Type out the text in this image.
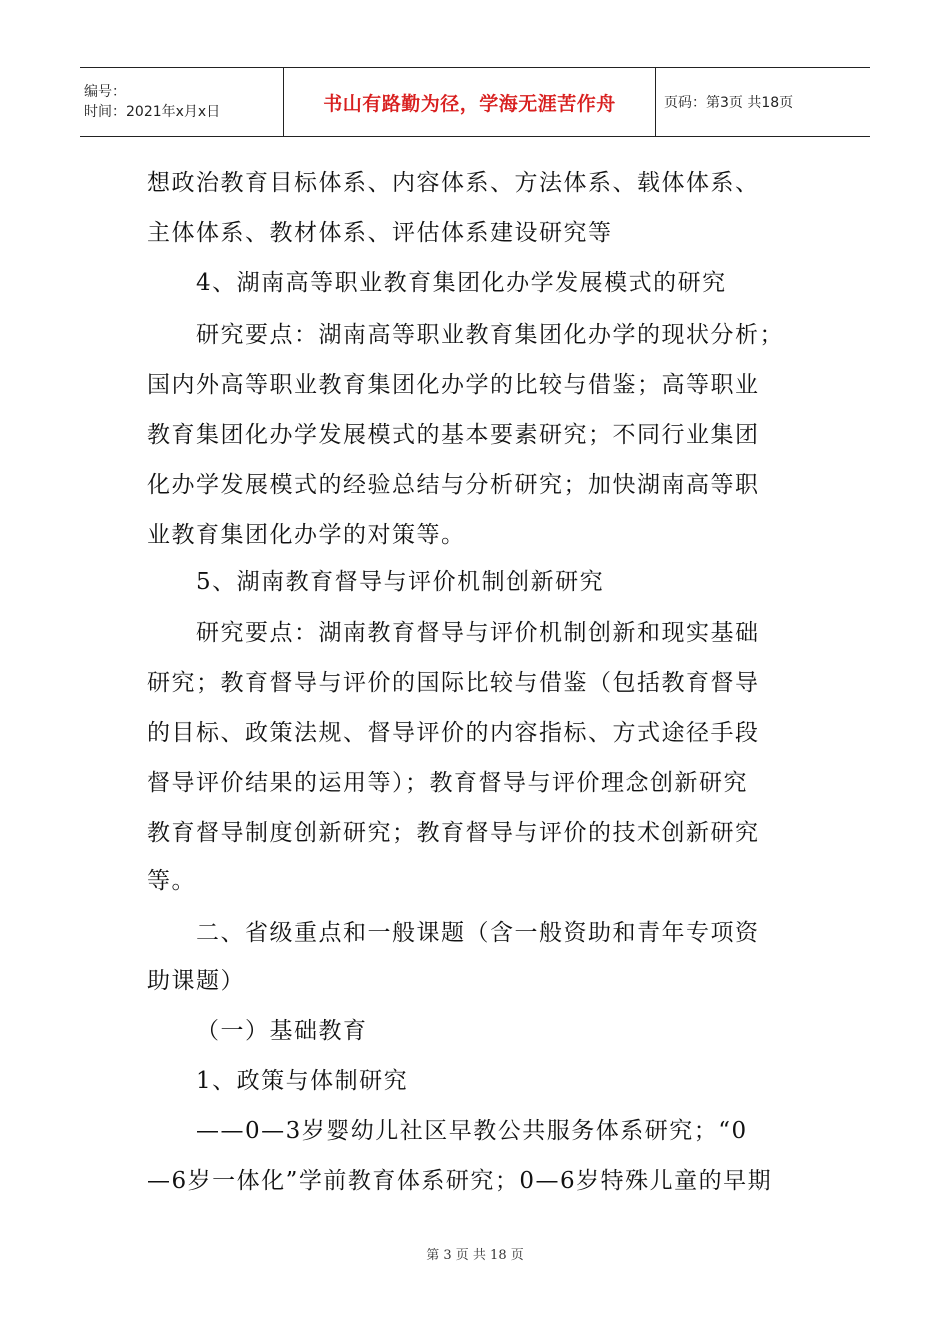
编号：
时间：2021年x月x日	书山有路勤为径，学海无涯苦作舟	页码：第3页 共18页
想政治教育目标体系、内容体系、方法体系、载体体系、
主体体系、教材体系、评估体系建设研究等
4、湖南高等职业教育集团化办学发展模式的研究
研究要点：湖南高等职业教育集团化办学的现状分析；
国内外高等职业教育集团化办学的比较与借鉴；高等职业
教育集团化办学发展模式的基本要素研究；不同行业集团
化办学发展模式的经验总结与分析研究；加快湖南高等职
业教育集团化办学的对策等。
5、湖南教育督导与评价机制创新研究
研究要点：湖南教育督导与评价机制创新和现实基础
研究；教育督导与评价的国际比较与借鉴（包括教育督导
的目标、政策法规、督导评价的内容指标、方式途径手段
督导评价结果的运用等）；教育督导与评价理念创新研究
教育督导制度创新研究；教育督导与评价的技术创新研究
等。
二、省级重点和一般课题（含一般资助和青年专项资
助课题）
（一）基础教育
1、政策与体制研究
——0—3岁婴幼儿社区早教公共服务体系研究；“0
—6岁一体化”学前教育体系研究；0—6岁特殊儿童的早期
第 3 页 共 18 页
